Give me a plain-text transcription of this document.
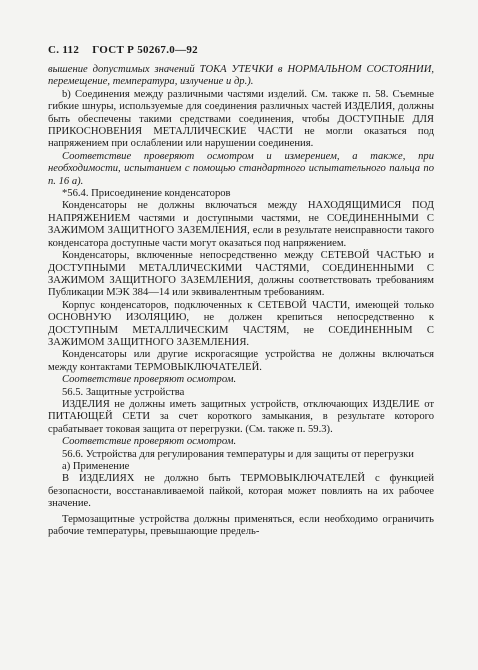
С. 112 ГОСТ Р 50267.0—92

вышение допустимых значений ТОКА УТЕЧКИ в НОРМАЛЬНОМ СОСТОЯНИИ, перемещение, температура, излучение и др.).

b) Соединения между различными частями изделий. См. также п. 58. Съемные гибкие шнуры, используемые для соединения различных частей ИЗДЕЛИЯ, должны быть обеспечены такими средствами соединения, чтобы ДОСТУПНЫЕ ДЛЯ ПРИКОСНОВЕНИЯ МЕТАЛЛИЧЕСКИЕ ЧАСТИ не могли оказаться под напряжением при ослаблении или нарушении соединения.

Соответствие проверяют осмотром и измерением, а также, при необходимости, испытанием с помощью стандартного испытательного пальца по п. 16 а).

*56.4. Присоединение конденсаторов

Конденсаторы не должны включаться между НАХОДЯЩИМИСЯ ПОД НАПРЯЖЕНИЕМ частями и доступными частями, не СОЕДИНЕННЫМИ С ЗАЖИМОМ ЗАЩИТНОГО ЗАЗЕМЛЕНИЯ, если в результате неисправности такого конденсатора доступные части могут оказаться под напряжением.

Конденсаторы, включенные непосредственно между СЕТЕВОЙ ЧАСТЬЮ и ДОСТУПНЫМИ МЕТАЛЛИЧЕСКИМИ ЧАСТЯМИ, СОЕДИНЕННЫМИ С ЗАЖИМОМ ЗАЩИТНОГО ЗАЗЕМЛЕНИЯ, должны соответствовать требованиям Публикации МЭК 384—14 или эквивалентным требованиям.

Корпус конденсаторов, подключенных к СЕТЕВОЙ ЧАСТИ, имеющей только ОСНОВНУЮ ИЗОЛЯЦИЮ, не должен крепиться непосредственно к ДОСТУПНЫМ МЕТАЛЛИЧЕСКИМ ЧАСТЯМ, не СОЕДИНЕННЫМ С ЗАЖИМОМ ЗАЩИТНОГО ЗАЗЕМЛЕНИЯ.

Конденсаторы или другие искрогасящие устройства не должны включаться между контактами ТЕРМОВЫКЛЮЧАТЕЛЕЙ.

Соответствие проверяют осмотром.

56.5. Защитные устройства

ИЗДЕЛИЯ не должны иметь защитных устройств, отключающих ИЗДЕЛИЕ от ПИТАЮЩЕЙ СЕТИ за счет короткого замыкания, в результате которого срабатывает токовая защита от перегрузки. (См. также п. 59.3).

Соответствие проверяют осмотром.

56.6. Устройства для регулирования температуры и для защиты от перегрузки

а) Применение

В ИЗДЕЛИЯХ не должно быть ТЕРМОВЫКЛЮЧАТЕЛЕЙ с функцией безопасности, восстанавливаемой пайкой, которая может повлиять на их рабочее значение.

Термозащитные устройства должны применяться, если необходимо ограничить рабочие температуры, превышающие предель-
